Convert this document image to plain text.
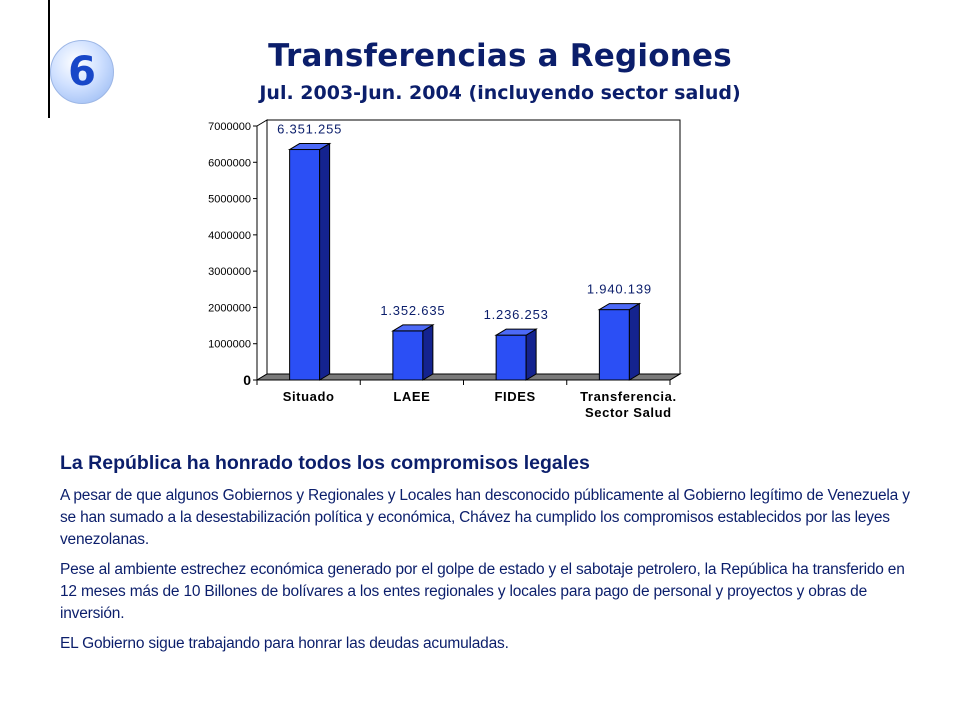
6	Transferencias a Regiones
Jul. 2003-Jun. 2004 (incluyendo sector salud)
0
1000000
2000000
3000000
4000000
5000000
6000000
7000000 6.351.255
Situado
1.352.635
LAEE
1.236.253
FIDES
1.940.139
Transferencia.
Sector Salud

La República ha honrado todos los compromisos legales

A pesar de que algunos Gobiernos y Regionales y Locales han desconocido públicamente al Gobierno legítimo de Venezuela y se han sumado a la desestabilización política y económica, Chávez ha cumplido los compromisos establecidos por las leyes venezolanas.

Pese al ambiente estrechez económica generado por el golpe de estado y el sabotaje petrolero, la República ha transferido en 12 meses más de 10 Billones de bolívares a los entes regionales y locales para pago de personal y proyectos y obras de inversión.

EL Gobierno sigue trabajando para honrar las deudas acumuladas.
